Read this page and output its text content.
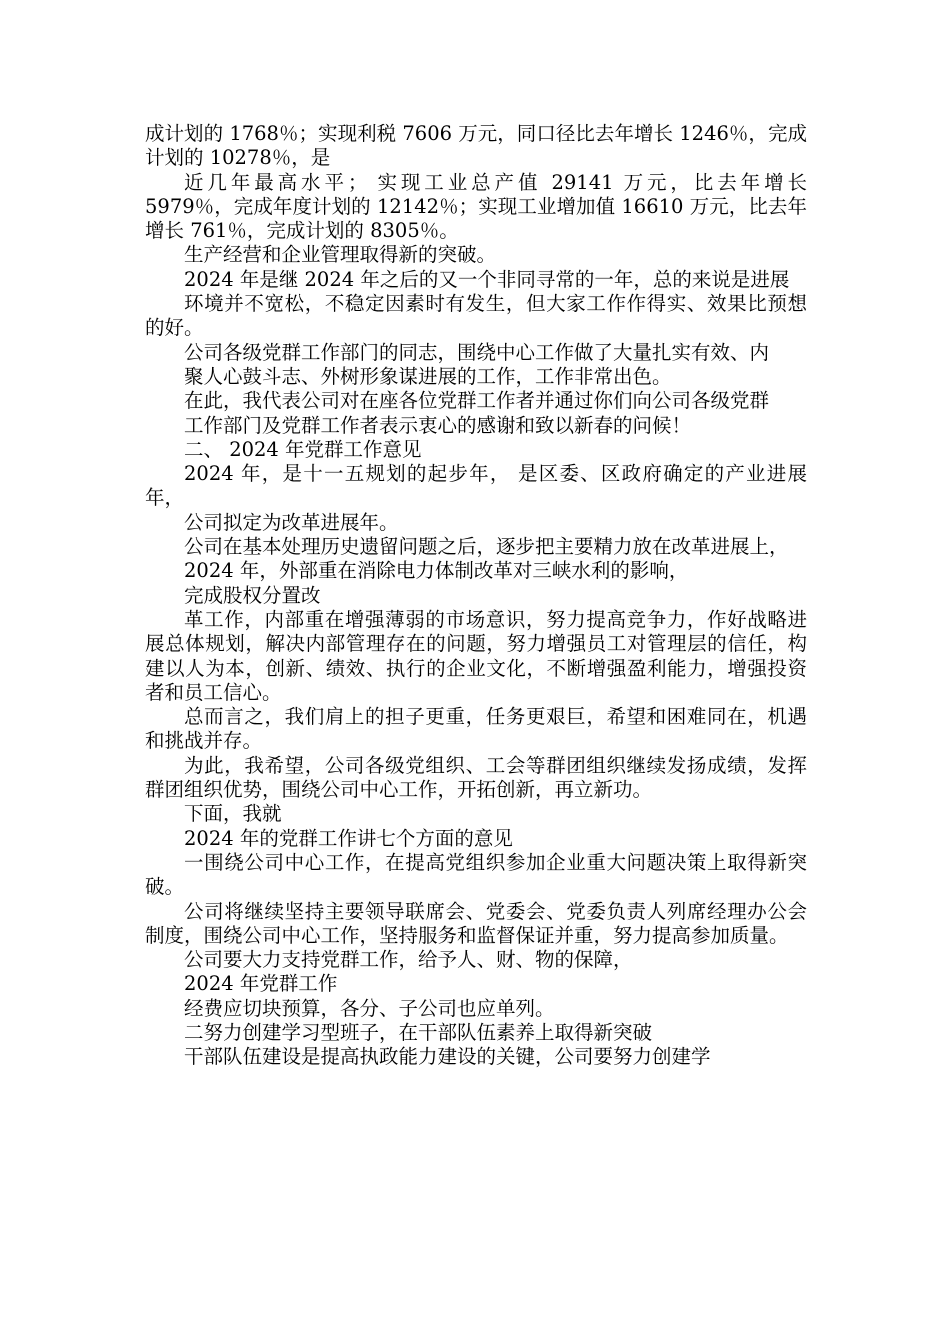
成计划的 1768％；实现利税 7606 万元，同口径比去年增长 1246％，完成计划的 10278％，是

近几年最高水平； 实现工业总产值 29141 万元，比去年增长 5979％，完成年度计划的 12142％；实现工业增加值 16610 万元，比去年增长 761％，完成计划的 8305％。

生产经营和企业管理取得新的突破。

2024 年是继 2024 年之后的又一个非同寻常的一年，总的来说是进展

环境并不宽松，不稳定因素时有发生，但大家工作作得实、效果比预想的好。

公司各级党群工作部门的同志，围绕中心工作做了大量扎实有效、内

聚人心鼓斗志、外树形象谋进展的工作，工作非常出色。

在此，我代表公司对在座各位党群工作者并通过你们向公司各级党群

工作部门及党群工作者表示衷心的感谢和致以新春的问候！

二、 2024 年党群工作意见

2024 年，是十一五规划的起步年， 是区委、区政府确定的产业进展年，

公司拟定为改革进展年。

公司在基本处理历史遗留问题之后，逐步把主要精力放在改革进展上，

2024 年，外部重在消除电力体制改革对三峡水利的影响，

完成股权分置改

革工作，内部重在增强薄弱的市场意识，努力提高竞争力，作好战略进展总体规划，解决内部管理存在的问题，努力增强员工对管理层的信任，构建以人为本，创新、绩效、执行的企业文化，不断增强盈利能力，增强投资者和员工信心。

总而言之，我们肩上的担子更重，任务更艰巨，希望和困难同在，机遇和挑战并存。

为此，我希望，公司各级党组织、工会等群团组织继续发扬成绩，发挥群团组织优势，围绕公司中心工作，开拓创新，再立新功。

下面，我就

2024 年的党群工作讲七个方面的意见

一围绕公司中心工作，在提高党组织参加企业重大问题决策上取得新突破。

公司将继续坚持主要领导联席会、党委会、党委负责人列席经理办公会制度，围绕公司中心工作，坚持服务和监督保证并重，努力提高参加质量。

公司要大力支持党群工作，给予人、财、物的保障，

2024 年党群工作

经费应切块预算，各分、子公司也应单列。

二努力创建学习型班子，在干部队伍素养上取得新突破

干部队伍建设是提高执政能力建设的关键，公司要努力创建学
